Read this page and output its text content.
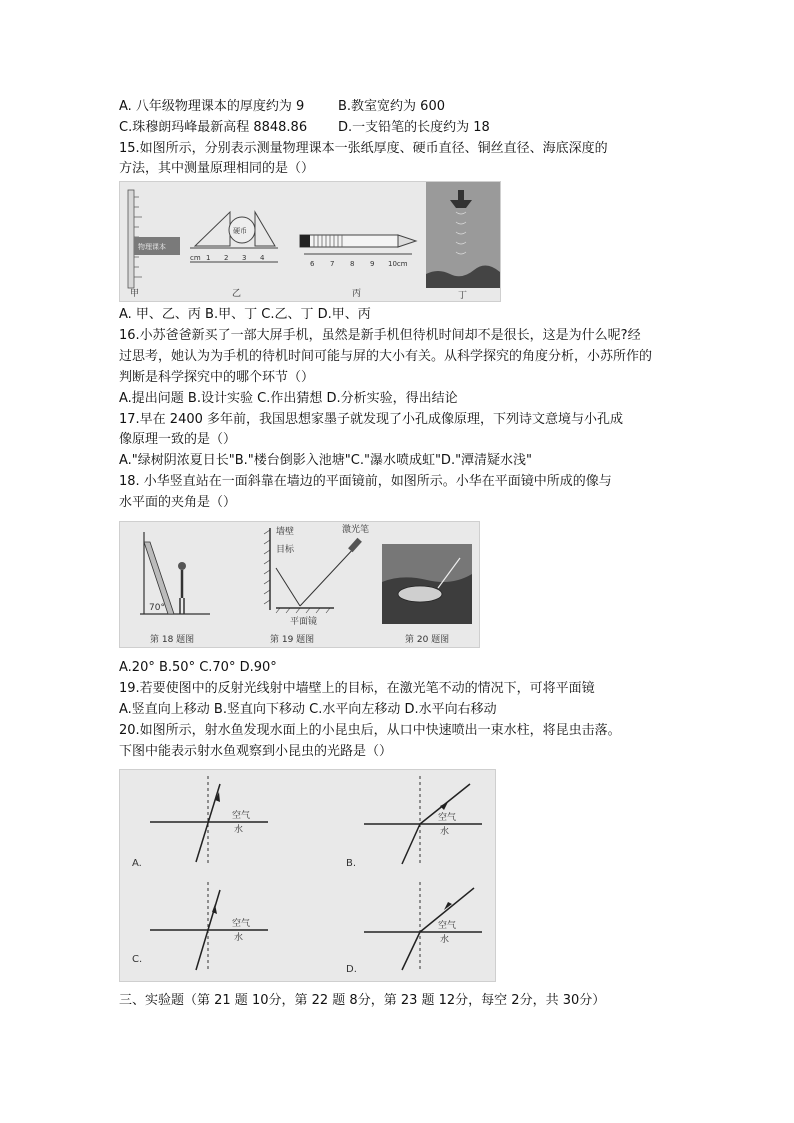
A. 八年级物理课本的厚度约为 9	B.教室宽约为 600
C.珠穆朗玛峰最新高程 8848.86 D.一支铅笔的长度约为 18
15.如图所示，分别表示测量物理课本一张纸厚度、硬币直径、铜丝直径、海底深度的
方法，其中测量原理相同的是（）
物理课本
甲
硬币
cm 1 2 3 4
乙
6 7 8 9 10cm
丙	丁
A. 甲、乙、丙 B.甲、丁 C.乙、丁 D.甲、丙
16.小苏爸爸新买了一部大屏手机，虽然是新手机但待机时间却不是很长，这是为什么呢?经
过思考，她认为为手机的待机时间可能与屏的大小有关。从科学探究的角度分析，小苏所作的
判断是科学探究中的哪个环节（）
A.提出问题 B.设计实验 C.作出猜想 D.分析实验，得出结论
17.早在 2400 多年前，我国思想家墨子就发现了小孔成像原理，下列诗文意境与小孔成
像原理一致的是（）
A."绿树阴浓夏日长"B."楼台倒影入池塘"C."瀑水喷成虹"D."潭清疑水浅"
18. 小华竖直站在一面斜靠在墙边的平面镜前，如图所示。小华在平面镜中所成的像与
水平面的夹角是（）
70°
第 18 题图
墙壁
目标
激光笔
平面镜
第 19 题图	第 20 题图
A.20° B.50° C.70° D.90°
19.若要使图中的反射光线射中墙壁上的目标，在激光笔不动的情况下，可将平面镜
A.竖直向上移动 B.竖直向下移动 C.水平向左移动 D.水平向右移动
20.如图所示，射水鱼发现水面上的小昆虫后，从口中快速喷出一束水柱，将昆虫击落。
下图中能表示射水鱼观察到小昆虫的光路是（）
空气
水
A.
空气
水
B.
空气
水
C.
空气
水
D.
三、实验题（第 21 题 10分，第 22 题 8分，第 23 题 12分，每空 2分，共 30分）
